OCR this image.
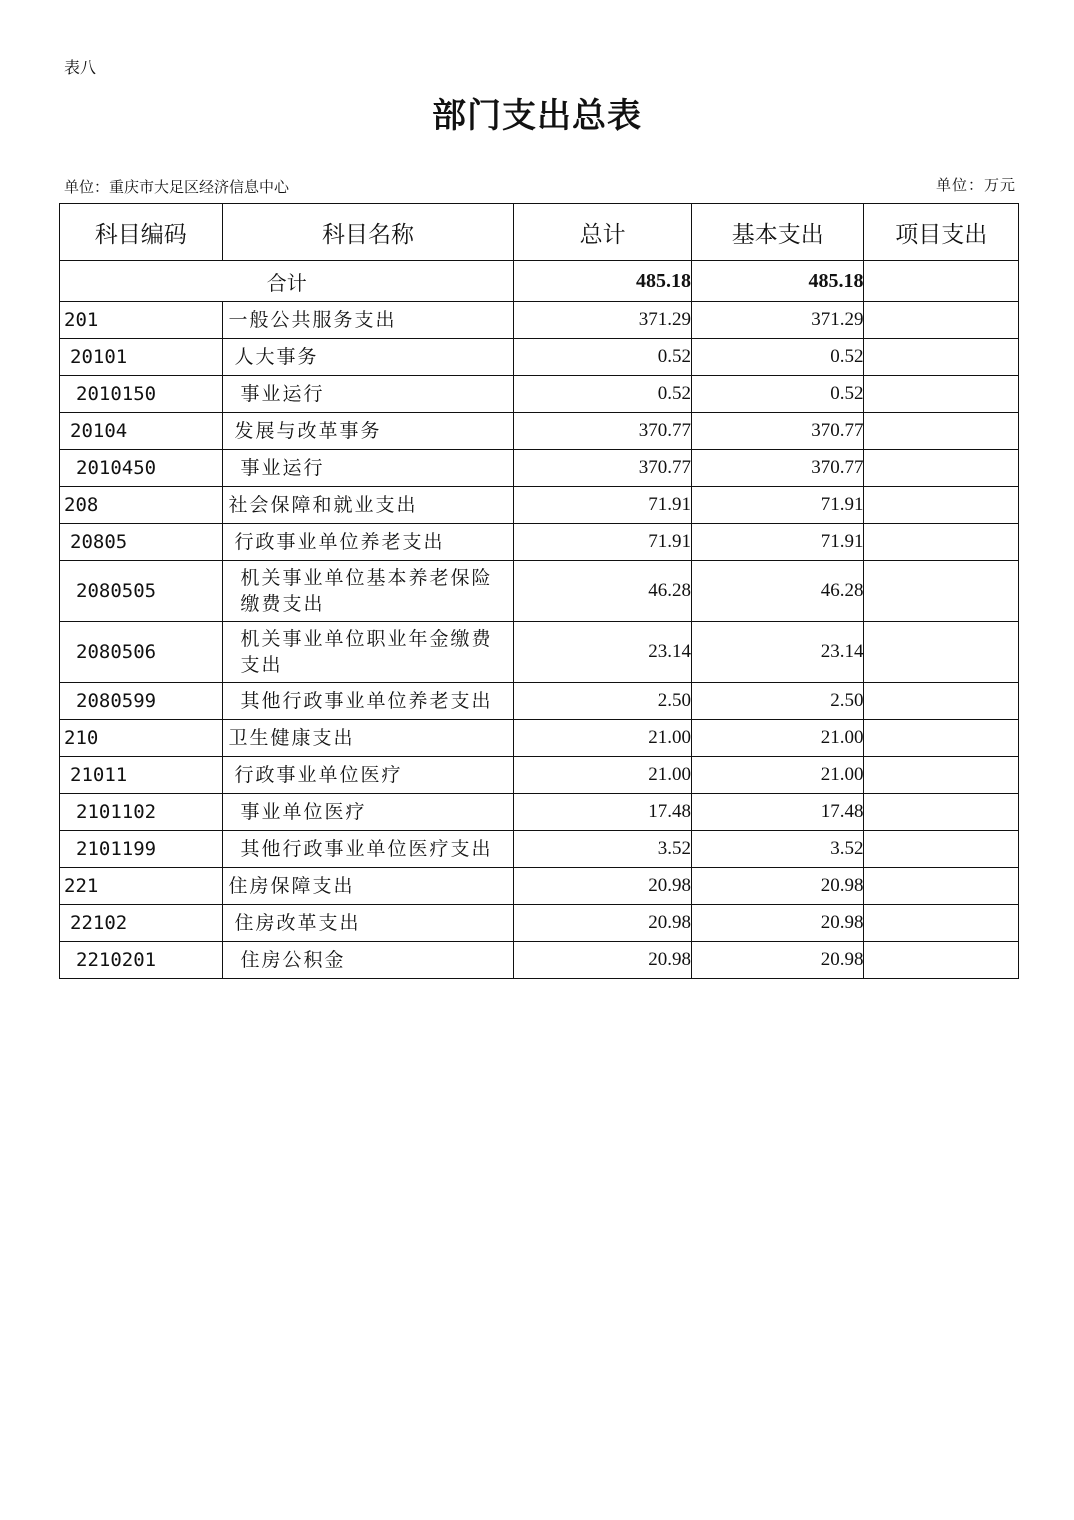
表八
部门支出总表
单位：重庆市大足区经济信息中心	单位：万元
科目编码	科目名称	总计	基本支出	项目支出
合计		485.18	485.18	
201	一般公共服务支出	371.29	371.29	
20101	人大事务	0.52	0.52	
2010150	事业运行	0.52	0.52	
20104	发展与改革事务	370.77	370.77	
2010450	事业运行	370.77	370.77	
208	社会保障和就业支出	71.91	71.91	
20805	行政事业单位养老支出	71.91	71.91	
2080505	机关事业单位基本养老保险缴费支出	46.28	46.28	
2080506	机关事业单位职业年金缴费支出	23.14	23.14	
2080599	其他行政事业单位养老支出	2.50	2.50	
210	卫生健康支出	21.00	21.00	
21011	行政事业单位医疗	21.00	21.00	
2101102	事业单位医疗	17.48	17.48	
2101199	其他行政事业单位医疗支出	3.52	3.52	
221	住房保障支出	20.98	20.98	
22102	住房改革支出	20.98	20.98	
2210201	住房公积金	20.98	20.98	
